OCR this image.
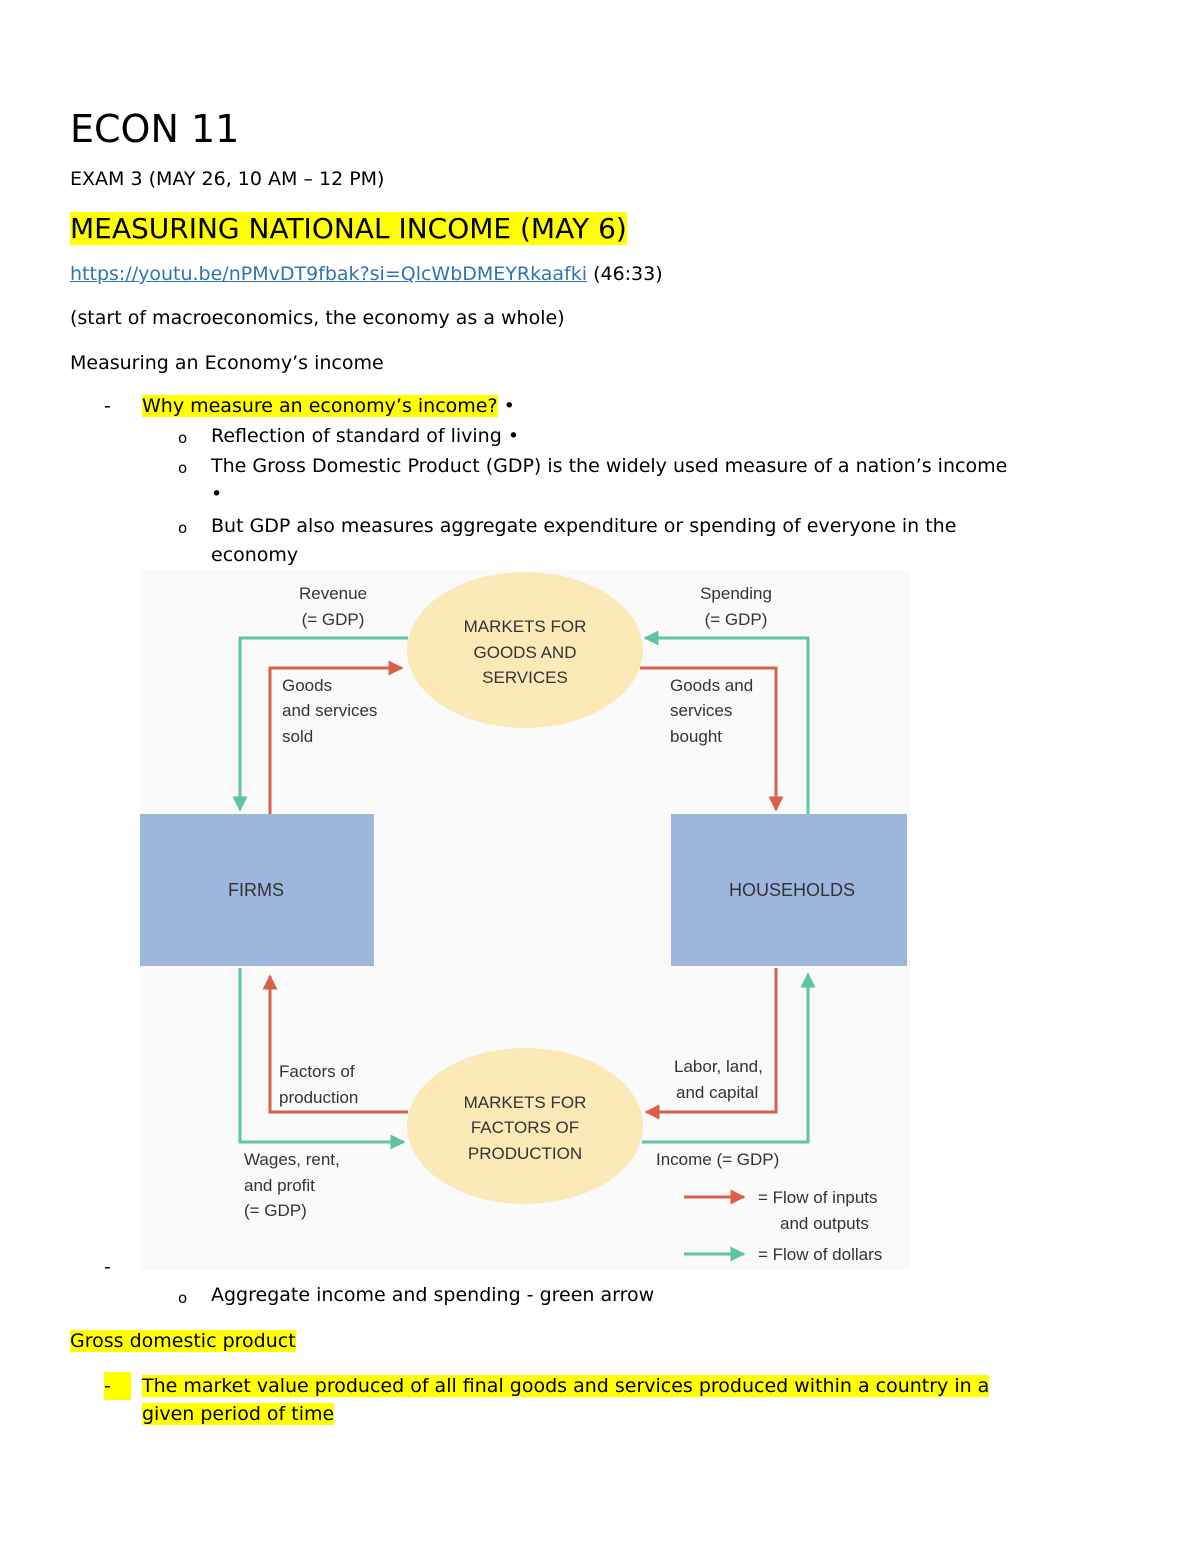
ECON 11
EXAM 3 (MAY 26, 10 AM – 12 PM)
MEASURING NATIONAL INCOME (MAY 6)
https://youtu.be/nPMvDT9fbak?si=QlcWbDMEYRkaafki (46:33)
(start of macroeconomics, the economy as a whole)
Measuring an Economy’s income
- Why measure an economy’s income? •
o Reflection of standard of living •
o The Gross Domestic Product (GDP) is the widely used measure of a nation’s income
•
o But GDP also measures aggregate expenditure or spending of everyone in the
economy
FIRMS	HOUSEHOLDS
MARKETS FOR
GOODS AND
SERVICES
MARKETS FOR
FACTORS OF
PRODUCTION
Revenue
(= GDP)
Spending
(= GDP)
Goods
and services
sold
Goods and
services
bought
Factors of
production
Labor, land,
and capital
Wages, rent,
and profit
(= GDP)
Income (= GDP)
= Flow of inputs
and outputs
= Flow of dollars
-
o Aggregate income and spending - green arrow
Gross domestic product
-	The market value produced of all final goods and services produced within a country in a
given period of time
